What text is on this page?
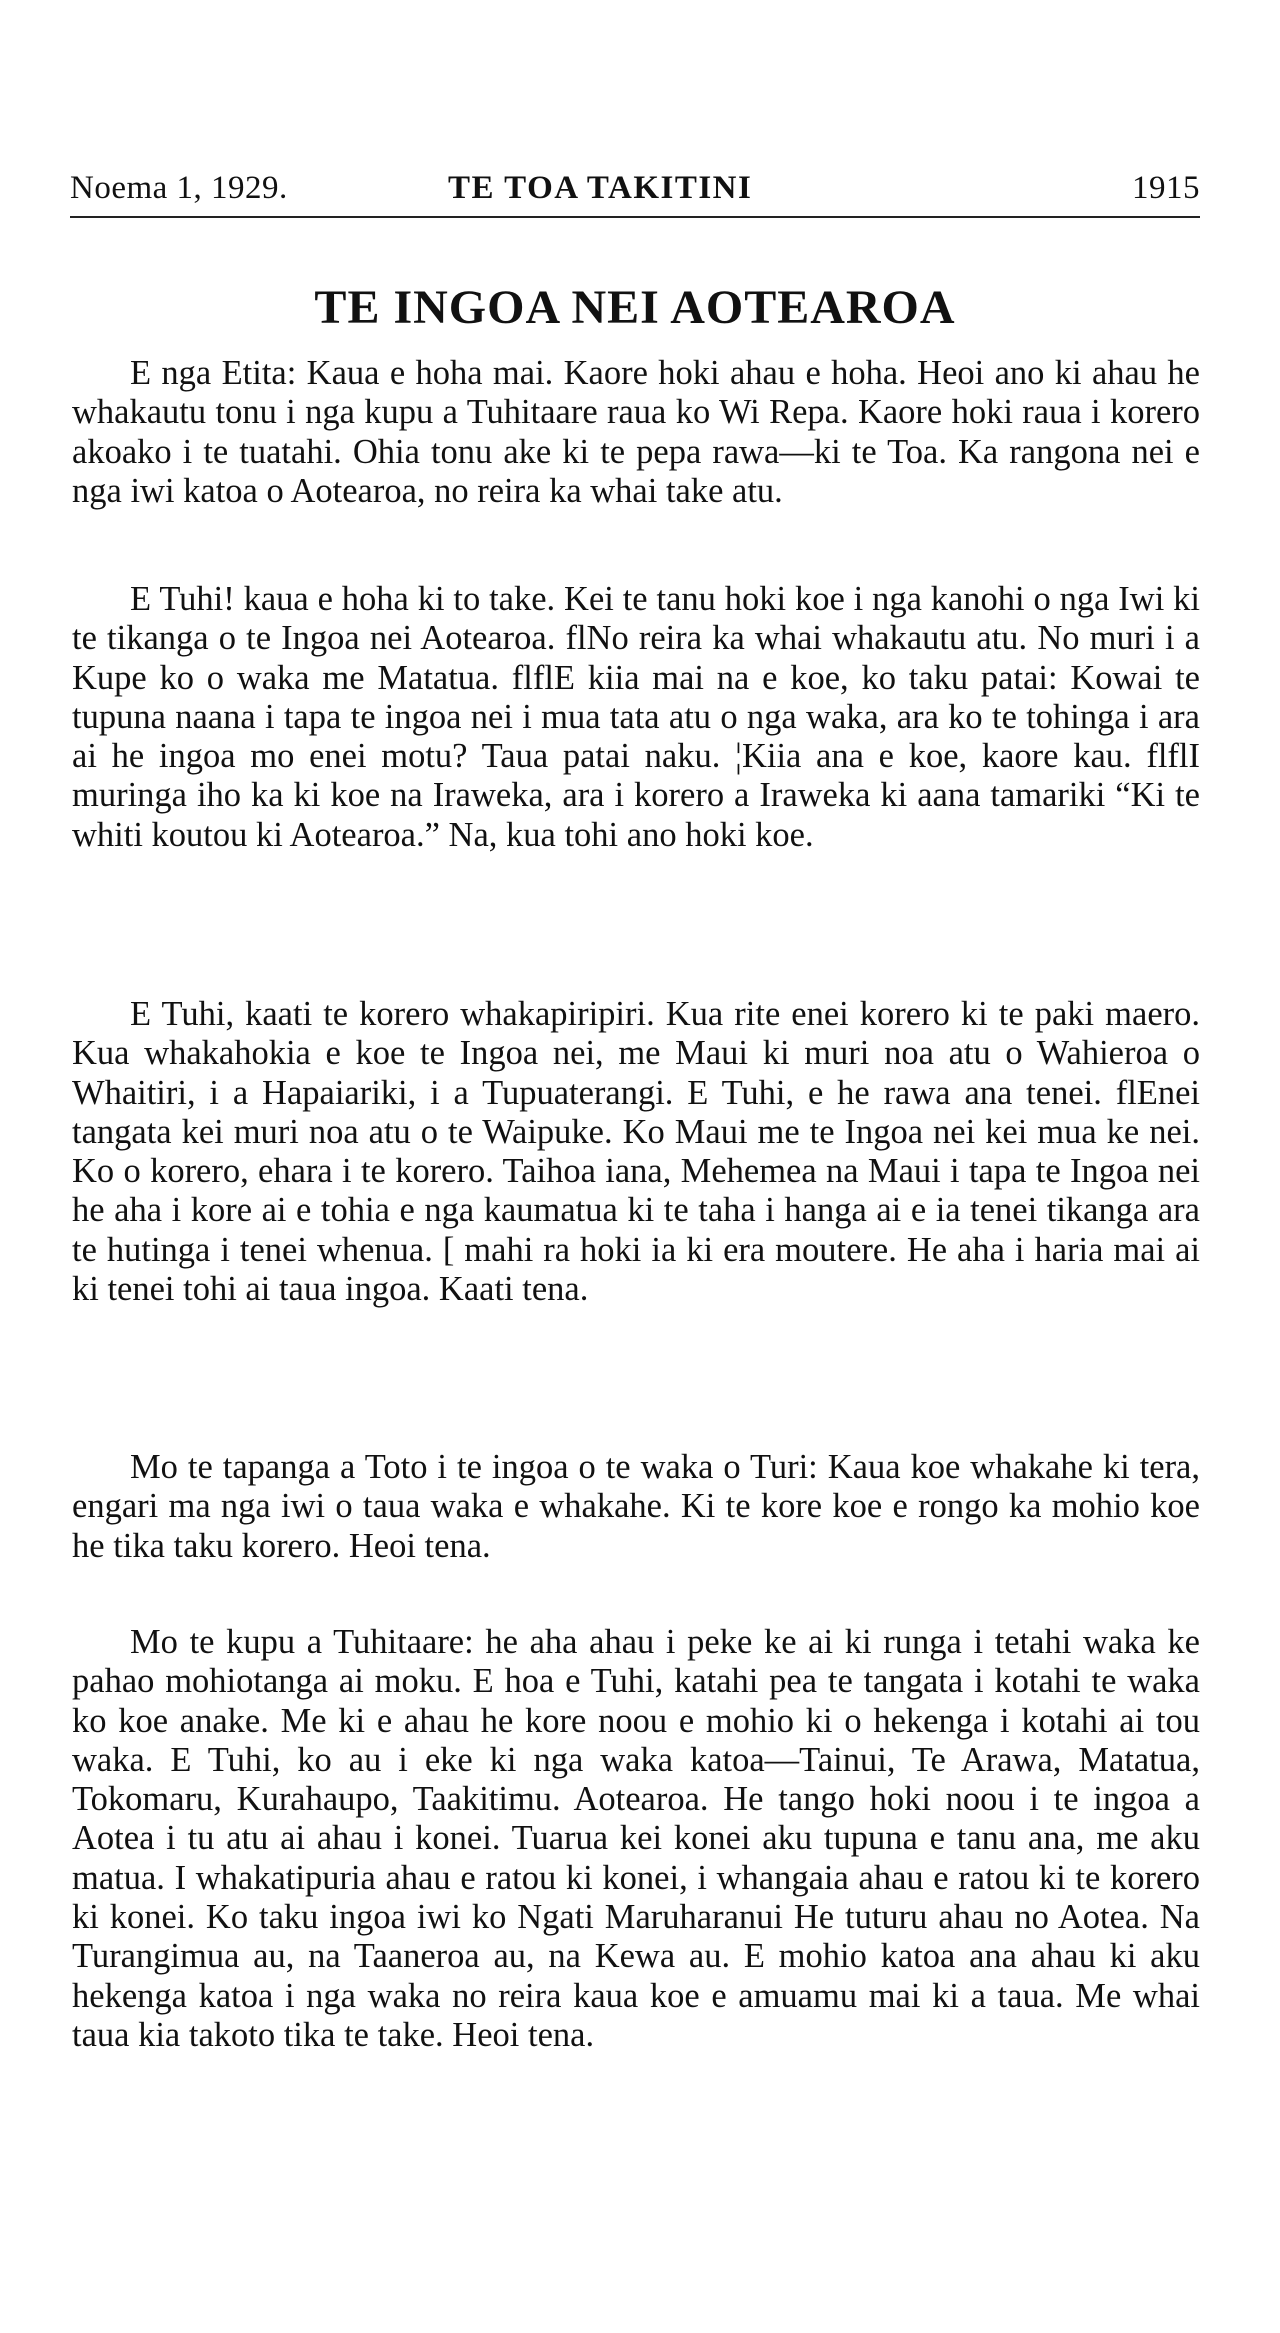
Noema 1, 1929.	TE TOA TAKITINI	1915
TE INGOA NEI AOTEAROA

E nga Etita: Kaua e hoha mai. Kaore hoki ahau e hoha. Heoi ano ki ahau he whakautu tonu i nga kupu a Tuhitaare raua ko Wi Repa. Kaore hoki raua i korero akoako i te tuatahi. Ohia tonu ake ki te pepa rawa—ki te Toa. Ka rangona nei e nga iwi katoa o Aotearoa, no reira ka whai take atu.

E Tuhi! kaua e hoha ki to take. Kei te tanu hoki koe i nga kanohi o nga Iwi ki te tikanga o te Ingoa nei Aotearoa. flNo reira ka whai whakautu atu. No muri i a Kupe ko o waka me Matatua. flflE kiia mai na e koe, ko taku patai: Kowai te tupuna naana i tapa te ingoa nei i mua tata atu o nga waka, ara ko te tohinga i ara ai he ingoa mo enei motu? Taua patai naku. ¦Kiia ana e koe, kaore kau. flflI muringa iho ka ki koe na Iraweka, ara i korero a Iraweka ki aana tamariki “Ki te whiti koutou ki Aotearoa.” Na, kua tohi ano hoki koe.

E Tuhi, kaati te korero whakapiripiri. Kua rite enei korero ki te paki maero. Kua whakahokia e koe te Ingoa nei, me Maui ki muri noa atu o Wahieroa o Whaitiri, i a Hapaiariki, i a Tupuaterangi. E Tuhi, e he rawa ana tenei. flEnei tangata kei muri noa atu o te Waipuke. Ko Maui me te Ingoa nei kei mua ke nei. Ko o korero, ehara i te korero. Taihoa iana, Mehemea na Maui i tapa te Ingoa nei he aha i kore ai e tohia e nga kaumatua ki te taha i hanga ai e ia tenei tikanga ara te hutinga i tenei whenua. [ mahi ra hoki ia ki era moutere. He aha i haria mai ai ki tenei tohi ai taua ingoa. Kaati tena.

Mo te tapanga a Toto i te ingoa o te waka o Turi: Kaua koe whakahe ki tera, engari ma nga iwi o taua waka e whakahe. Ki te kore koe e rongo ka mohio koe he tika taku korero. Heoi tena.

Mo te kupu a Tuhitaare: he aha ahau i peke ke ai ki runga i tetahi waka ke pahao mohiotanga ai moku. E hoa e Tuhi, katahi pea te tangata i kotahi te waka ko koe anake. Me ki e ahau he kore noou e mohio ki o hekenga i kotahi ai tou waka. E Tuhi, ko au i eke ki nga waka katoa—Tainui, Te Arawa, Matatua, Tokomaru, Kurahaupo, Taakitimu. Aotearoa. He tango hoki noou i te ingoa a Aotea i tu atu ai ahau i konei. Tuarua kei konei aku tupuna e tanu ana, me aku matua. I whakatipuria ahau e ratou ki konei, i whangaia ahau e ratou ki te korero ki konei. Ko taku ingoa iwi ko Ngati Maruharanui He tuturu ahau no Aotea. Na Turangimua au, na Taaneroa au, na Kewa au. E mohio katoa ana ahau ki aku hekenga katoa i nga waka no reira kaua koe e amuamu mai ki a taua. Me whai taua kia takoto tika te take. Heoi tena.
